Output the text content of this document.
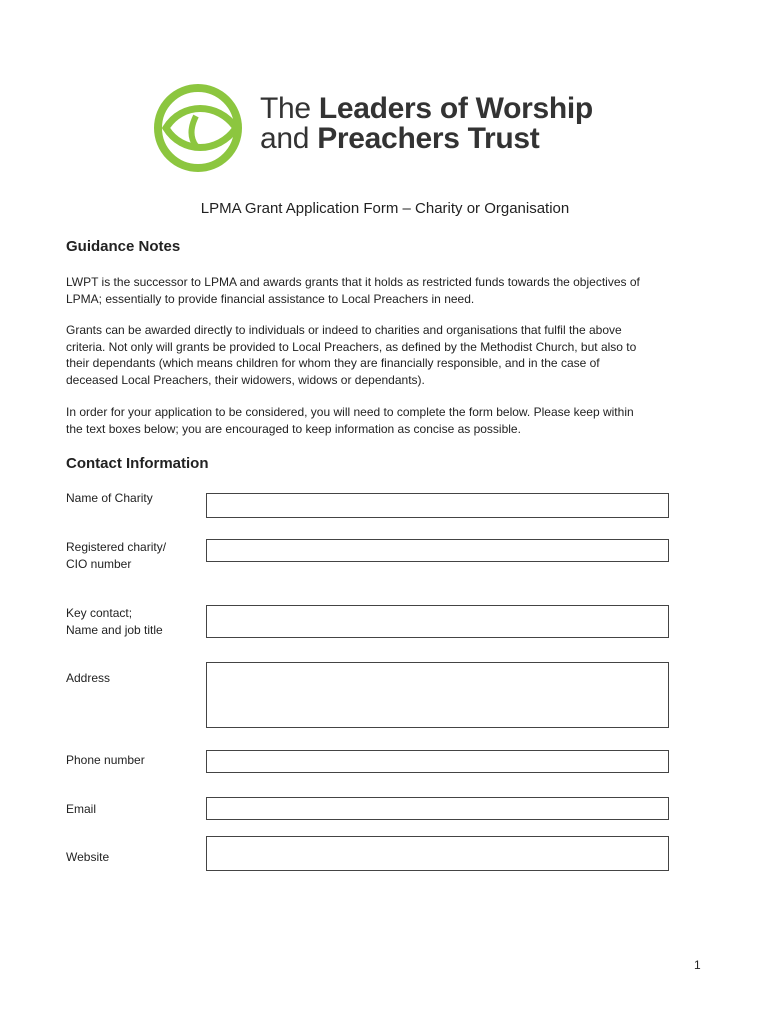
The Leaders of Worship
and Preachers Trust
LPMA Grant Application Form – Charity or Organisation
Guidance Notes
LWPT is the successor to LPMA and awards grants that it holds as restricted funds towards the objectives of
LPMA; essentially to provide financial assistance to Local Preachers in need.
Grants can be awarded directly to individuals or indeed to charities and organisations that fulfil the above
criteria. Not only will grants be provided to Local Preachers, as defined by the Methodist Church, but also to
their dependants (which means children for whom they are financially responsible, and in the case of
deceased Local Preachers, their widowers, widows or dependants).
In order for your application to be considered, you will need to complete the form below. Please keep within
the text boxes below; you are encouraged to keep information as concise as possible.
Contact Information
Name of Charity
Registered charity/
CIO number
Key contact;
Name and job title
Address
Phone number
Email
Website
1
